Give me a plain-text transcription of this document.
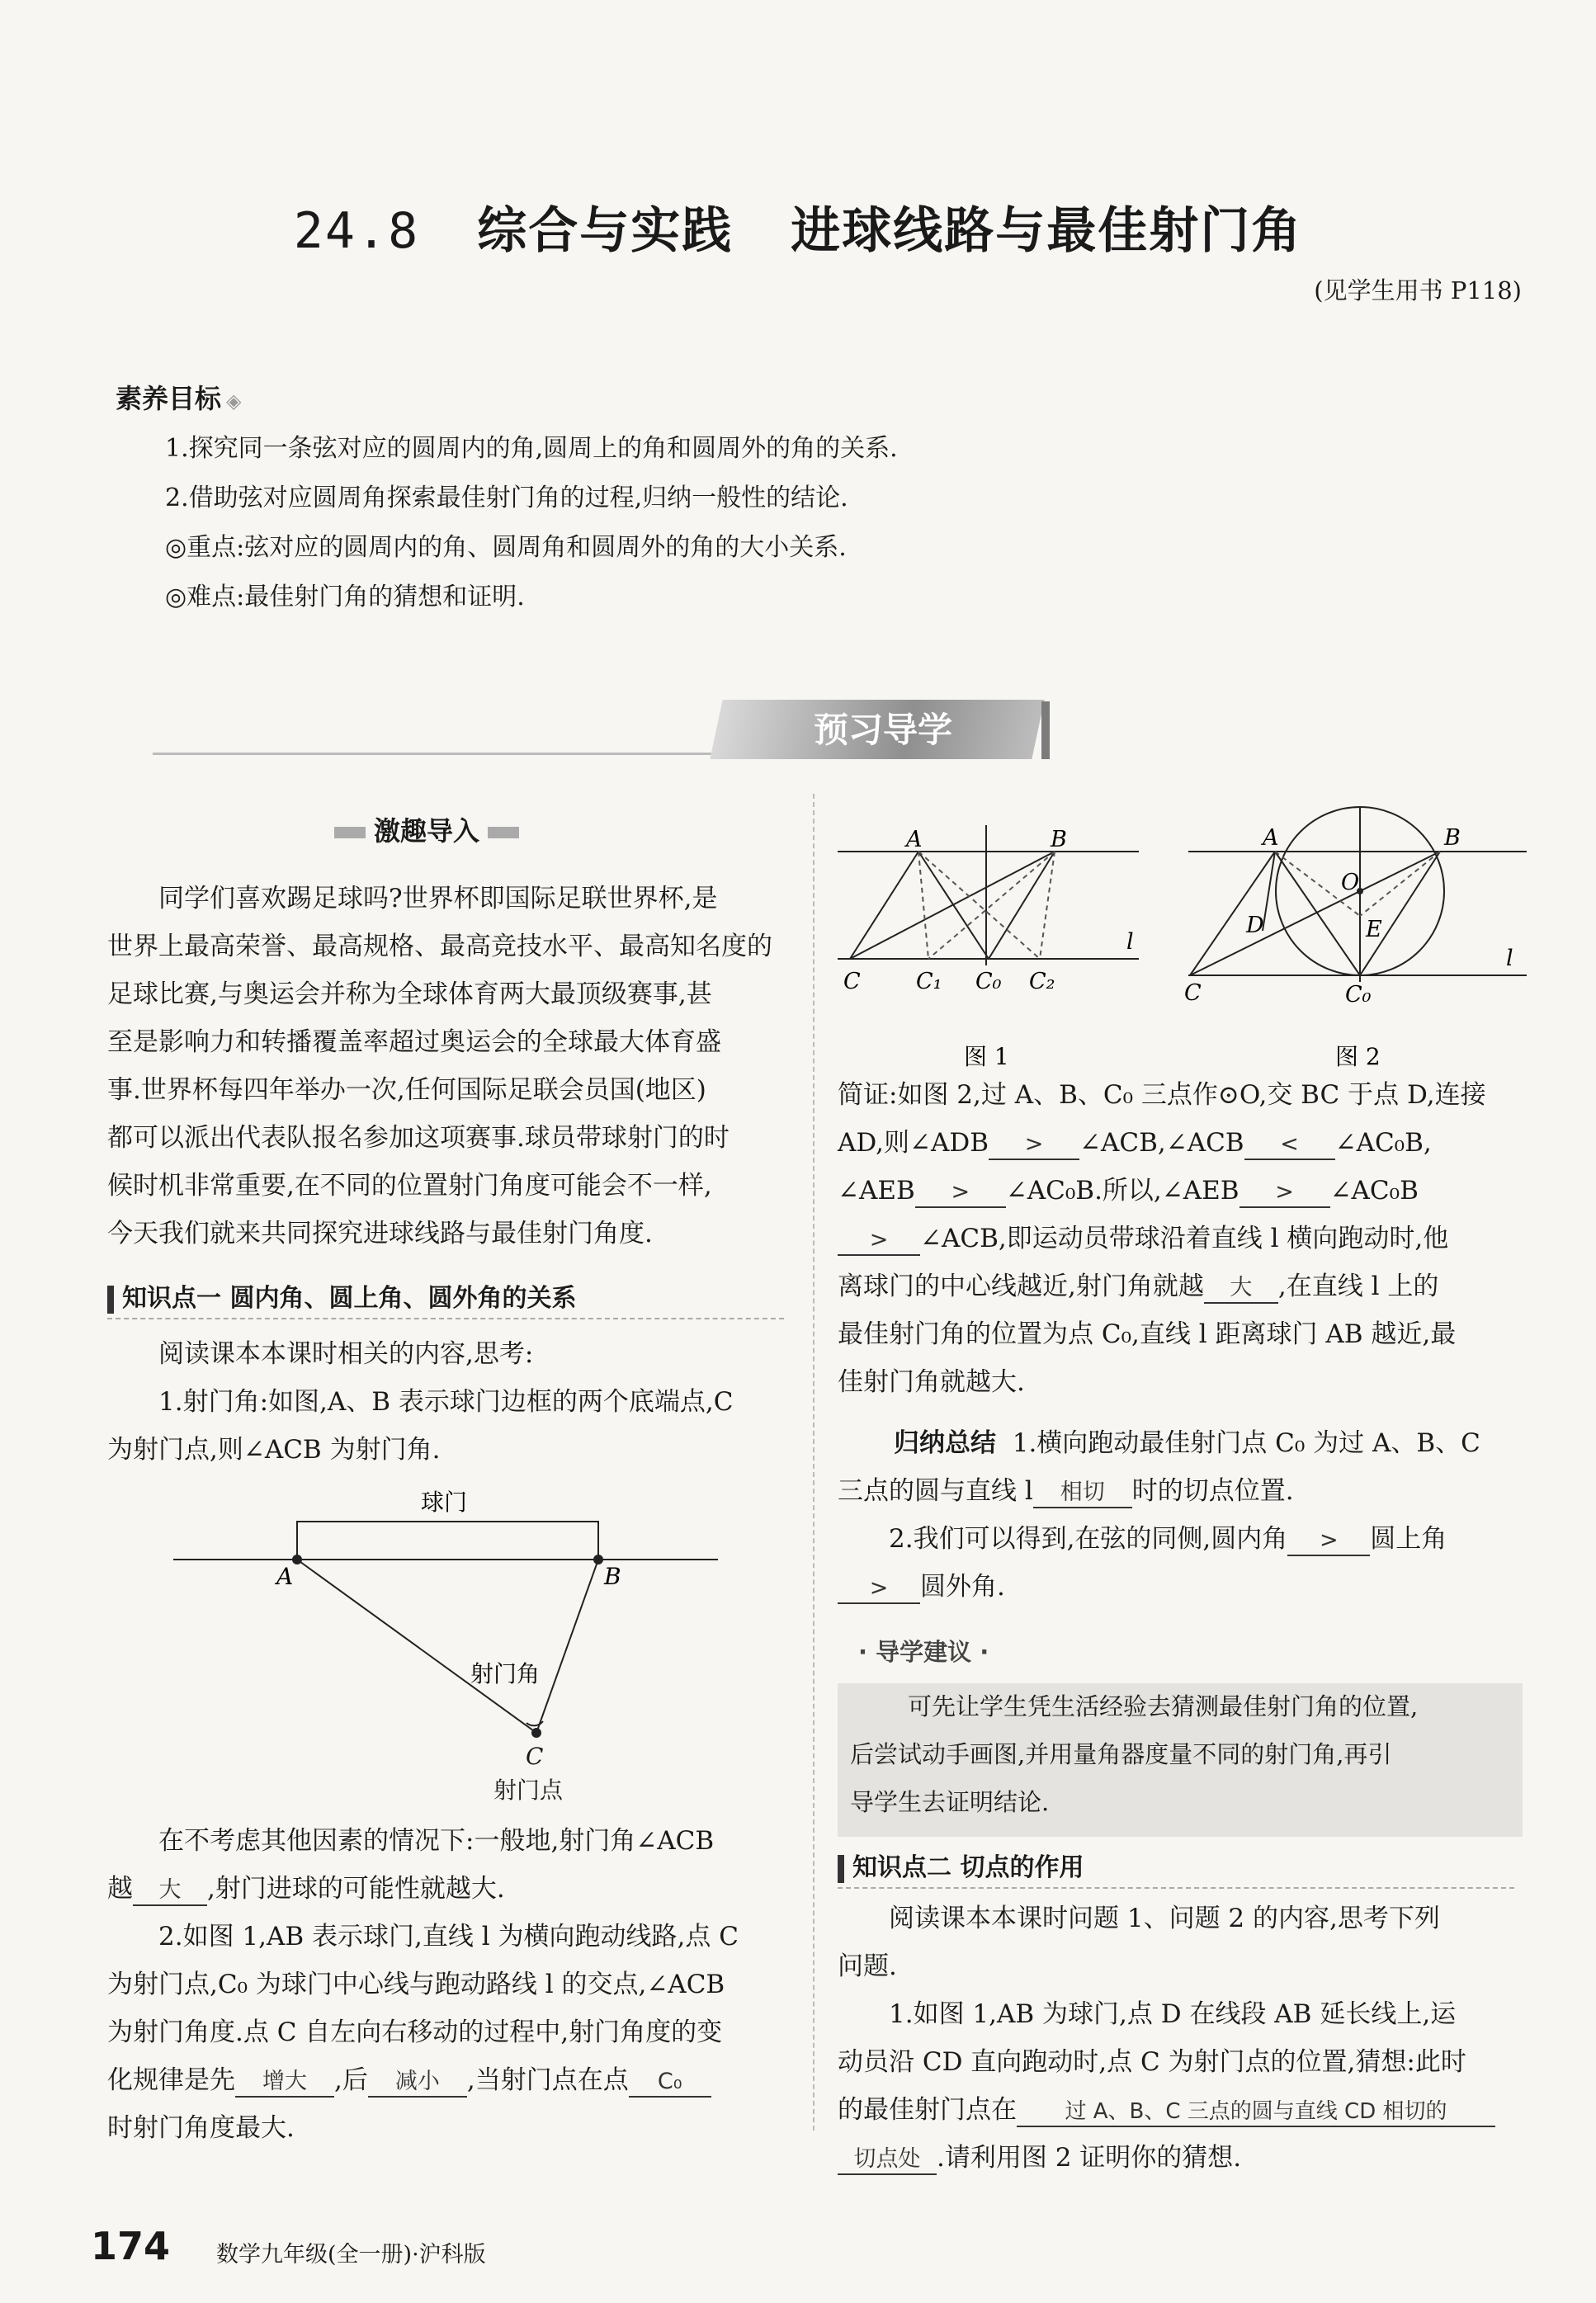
24.8 综合与实践 进球线路与最佳射门角
(见学生用书 P118)
素养目标 ◈
1.探究同一条弦对应的圆周内的角,圆周上的角和圆周外的角的关系.
2.借助弦对应圆周角探索最佳射门角的过程,归纳一般性的结论.
◎重点:弦对应的圆周内的角、圆周角和圆周外的角的大小关系.
◎难点:最佳射门角的猜想和证明.
预习导学
激趣导入

同学们喜欢踢足球吗?世界杯即国际足联世界杯,是

世界上最高荣誉、最高规格、最高竞技水平、最高知名度的

足球比赛,与奥运会并称为全球体育两大最顶级赛事,甚

至是影响力和转播覆盖率超过奥运会的全球最大体育盛

事.世界杯每四年举办一次,任何国际足联会员国(地区)

都可以派出代表队报名参加这项赛事.球员带球射门的时

候时机非常重要,在不同的位置射门角度可能会不一样,

今天我们就来共同探究进球线路与最佳射门角度.

知识点一 圆内角、圆上角、圆外角的关系

阅读课本本课时相关的内容,思考:

1.射门角:如图,A、B 表示球门边框的两个底端点,C

为射门点,则∠ACB 为射门角.

球门
A	B
射门角
C
射门点

在不考虑其他因素的情况下:一般地,射门角∠ACB

越 大 ,射门进球的可能性就越大.

2.如图 1,AB 表示球门,直线 l 为横向跑动线路,点 C

为射门点,C₀ 为球门中心线与跑动路线 l 的交点,∠ACB

为射门角度.点 C 自左向右移动的过程中,射门角度的变

化规律是先 增大 ,后 减小 ,当射门点在点 C₀

时射门角度最大.

A	B
C C₁ C₀ C₂
l
图 1
A	B
C	C₀
l
O
D	E
图 2

简证:如图 2,过 A、B、C₀ 三点作⊙O,交 BC 于点 D,连接

AD,则∠ADB > ∠ACB,∠ACB < ∠AC₀B,

∠AEB > ∠AC₀B.所以,∠AEB > ∠AC₀B

> ∠ACB,即运动员带球沿着直线 l 横向跑动时,他

离球门的中心线越近,射门角就越 大 ,在直线 l 上的

最佳射门角的位置为点 C₀,直线 l 距离球门 AB 越近,最

佳射门角就越大.

归纳总结 1.横向跑动最佳射门点 C₀ 为过 A、B、C

三点的圆与直线 l 相切 时的切点位置.

2.我们可以得到,在弦的同侧,圆内角 > 圆上角

> 圆外角.

· 导学建议 ·
可先让学生凭生活经验去猜测最佳射门角的位置,
后尝试动手画图,并用量角器度量不同的射门角,再引
导学生去证明结论.
知识点二 切点的作用

阅读课本本课时问题 1、问题 2 的内容,思考下列

问题.

1.如图 1,AB 为球门,点 D 在线段 AB 延长线上,运

动员沿 CD 直向跑动时,点 C 为射门点的位置,猜想:此时

的最佳射门点在 过 A、B、C 三点的圆与直线 CD 相切的

切点处 .请利用图 2 证明你的猜想.

174 数学九年级(全一册)·沪科版
